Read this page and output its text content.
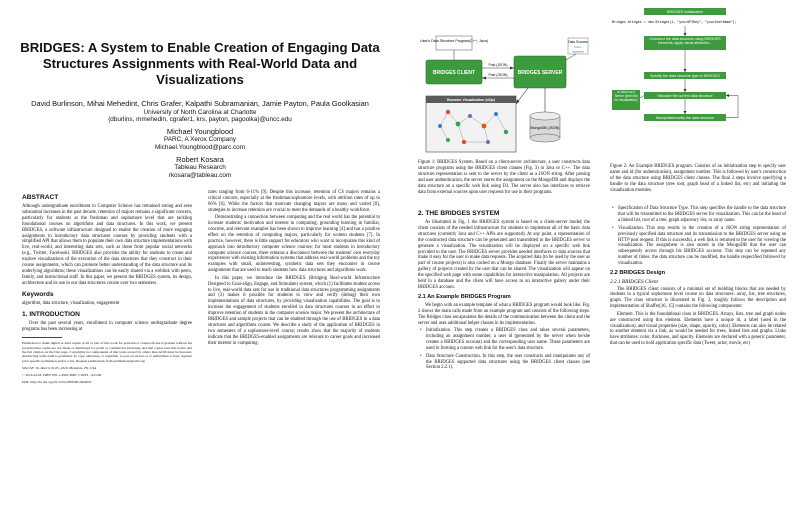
BRIDGES: A System to Enable Creation of Engaging Data Structures Assignments with Real-World Data and Visualizations
David Burlinson, Mihai Mehedint, Chris Grafer, Kalpathi Subramanian, Jamie Payton, Paula Goolkasian
University of North Carolina at Charlotte
{dburlins, mmehedin, cgrafer1, krs, payton, pagoolka}@uncc.edu
Michael Youngblood
PARC, A Xerox Company
Michael.Youngblood@parc.com
Robert Kosara
Tableau Research
rkosara@tableau.com
ABSTRACT

Although undergraduate enrollment in Computer Science has remained strong and seen substantial increases in the past decade, retention of majors remains a significant concern, particularly for students at the freshman and sophomore level that are tackling foundational courses on algorithms and data structures. In this work, we present BRIDGES, a software infrastructure designed to enable the creation of more engaging assignments in introductory data structures courses by providing students with a simplified API that allows them to populate their own data structure implementations with live, real-world, and interesting data sets, such as those from popular social networks (e.g., Twitter, Facebook). BRIDGES also provides the ability for students to create and explore visualizations of the execution of the data structures that they construct in their course assignments, which can promote better understanding of the data structure and its underlying algorithms; these visualizations can be easily shared via a weblink with peers, family, and instructional staff. In this paper, we present the BRIDGES system, its design, architecture and its use in our data structures course over two semesters.

Keywords

algorithm, data structure, visualization, engagement

1. INTRODUCTION

Over the past several years, enrollment in computer science undergraduate degree programs has been increasing at

Permission to make digital or hard copies of all or part of this work for personal or classroom use is granted without fee provided that copies are not made or distributed for profit or commercial advantage and that copies bear this notice and the full citation on the first page. Copyrights for components of this work owned by others than ACM must be honored. Abstracting with credit is permitted. To copy otherwise, or republish, to post on servers or to redistribute to lists, requires prior specific permission and/or a fee. Request permissions from permissions@acm.org.

SIGCSE '16, March 02-05, 2016, Memphis, TN, USA

© 2016 ACM. ISBN 978-1-4503-3685-7/16/03 ...$15.00

DOI: http://dx.doi.org/10.1145/2839509.2844635

rates ranging from 6-11% [9]. Despite this increase, retention of CS majors remains a critical concern, especially at the freshman/sophomore levels, with attrition rates of up to 66% [6]. While the factors that motivate changing majors are many and varied [8], strategies to increase retention are crucial to meet the demands of a healthy workforce.

Demonstrating a connection between computing and the real world has the potential to increase students' motivation and interest in computing; grounding learning in familiar, concrete, and relevant examples has been shown to improve learning [4] and has a positive effect on the retention of computing majors, particularly for women students [7]. In practice, however, there is little support for educators who want to incorporate this kind of approach into introductory computer science courses; for most students in introductory computer science courses, there remains a disconnect between the students' own everyday experiences with existing information systems that address real-world problems and the toy examples with small, uninteresting, synthetic data sets they encounter in course assignments that are used to teach students how data structures and algorithms work.

In this paper, we introduce the BRIDGES (Bridging Real-world Infrastructure Designed to Goal-align, Engage, and Stimulate) system, which (1) facilitates student access to live, real-world data sets for use in traditional data structures programming assignments and (2) makes it possible for students to view and verify (debug) their own implementations of data structures, by providing visualization capabilities. The goal is to increase the engagement of students enrolled in data structures courses in an effort to improve retention of students in the computer science major. We present the architecture of BRIDGES and sample projects that can be enabled through the use of BRIDGES in a data structures and algorithms course. We describe a study of the application of BRIDGES in two semesters of a sophomore-level course; results show that the majority of students indicate that the BRIDGES-enabled assignments are relevant to career goals and increased their interest in computing.

User's Data Structure Program(C++, Java)
BRIDGES CLIENT	BRIDGES SERVER
Post (JSON)
Post (JSON)
Data Sources
twitter
facebook
Browser Visualization (d3js)
MongoDB (JSON)
Figure 1: BRIDGES System. Based on a client-server architecture, a user constructs data structure programs using the BRIDGES client classes (Fig. 3) in Java or C++. The data structure representation is sent to the server by the client as a JSON string. After parsing and user authentication, the server stores the assignment on the MongoDB and displays the data structure on a specific web link using D3. The server also has interfaces to retrieve data from external sources upon user requests for use in their programs.
BRIDGES initialization
Bridges bridges = new Bridges(1, "yourAPIKey", "yourUserName");
Construct the data structure using BRIDGES elements; apply visual attributes...
Specify the data structure type to BRIDGES
Visualize the current data structure
Manipulate/modify the data structure
To BRIDGES Server (web link for visualization)
Figure 2: An Example BRIDGES program. Consists of an initialization step to specify user name and id (for authentication), assignment number. This is followed by user's construction of the data structure using BRIDGES client classes. The final 2 steps involve specifying a handle to the data structure (tree root, graph head of a linked list, etc) and initiating the visualization modules.
2. THE BRIDGES SYSTEM

As illustrated in Fig. 1 the BRIDGES system is based on a client-server model; the client consists of the needed infrastructure for students to implement all of the basic data structures (currently Java and C++ APIs are supported). At any point, a representation of the constructed data structure can be generated and transmitted to the BRIDGES server to generate a visualization. The visualization will be displayed on a specific web link provided to the user. The BRIDGES server provides needed interfaces to data sources that make it easy for the user to make data requests. The acquired data (to be used by the user as part of course projects) is also cached on a Mongo database. Finally the server maintains a gallery of projects created by the user that can be shared. The visualization will appear on the specified web page with some capabilities for interactive manipulation. All projects are held in a database and the client will have access to an interactive gallery under their BRIDGES account.

2.1 An Example BRIDGES Program

We begin with an example template of what a BRIDGES program would look like. Fig. 2 shows the main calls made from an example program and consists of the following steps. The Bridges class encapsulates the details of the communication between the client and the server and uses additional helper classes in its implementation.

• Initialization. This step creates a BRIDGES class and takes several parameters, including an assignment number, a user id (generated by the server when he/she creates a BRIDGES account) and the corresponding user name. These parameters are used in forming a custom web link for the user's data structure.
• Data Structure Construction. In this step, the user constructs and manipulates any of the BRIDGES supported data structures using the BRIDGES client classes (see Section 2.2.1).
• Specification of Data Structure Type. This step specifies the handle to the data structure that will be transmitted to the BRIDGES server for visualization. This can be the head of a linked list, root of a tree, graph adjacency list, or array name.
• Visualization. This step results in the creation of a JSON string representation of previously specified data structure and its transmission to the BRIDGES server using an HTTP post request. If this is successful, a web link is returned to the user for viewing the visualization. The assignment is also stored in the MongoDB that the user can subsequently access through his BRIDGES account. This step can be repeated any number of times: the data structure can be modified, the handle respecified followed by visualization.
2.2 BRIDGES Design
2.2.1 BRIDGES Client

The BRIDGES client consists of a minimal set of building blocks that are needed by students in a typical sophomore level course on data structures: array, list, tree structures, graph. The class structure is illustrated in Fig. 3, roughly follows the description and implementation of Shaffer[16, 15] contains the following components:

Element. This is the foundational class in BRIDGES. Arrays, lists, tree and graph nodes are constructed using this element. Elements have a unique id, a label (used in the visualization), and visual properties (size, shape, opacity, color). Elements can also be related to another element via a link, as would be needed for trees, linked lists and graphs. Links have attributes: color, thickness, and opacity. Elements are declared with a generic parameter, that can be used to hold application specific data (Tweet, actor, movie, etc)
